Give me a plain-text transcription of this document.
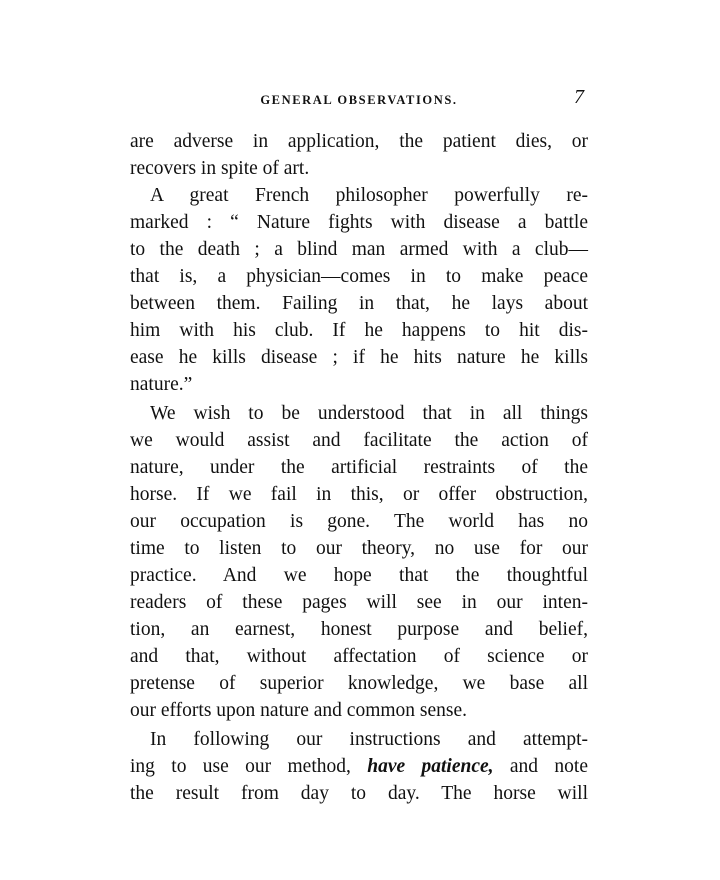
GENERAL OBSERVATIONS.	7
are adverse in application, the patient dies, or
recovers in spite of art.
A great French philosopher powerfully re-
marked : “ Nature fights with disease a battle
to the death ; a blind man armed with a club—
that is, a physician—comes in to make peace
between them. Failing in that, he lays about
him with his club. If he happens to hit dis-
ease he kills disease ; if he hits nature he kills
nature.”
We wish to be understood that in all things
we would assist and facilitate the action of
nature, under the artificial restraints of the
horse. If we fail in this, or offer obstruction,
our occupation is gone. The world has no
time to listen to our theory, no use for our
practice. And we hope that the thoughtful
readers of these pages will see in our inten-
tion, an earnest, honest purpose and belief,
and that, without affectation of science or
pretense of superior knowledge, we base all
our efforts upon nature and common sense.
In following our instructions and attempt-
ing to use our method, have patience, and note
the result from day to day. The horse will
